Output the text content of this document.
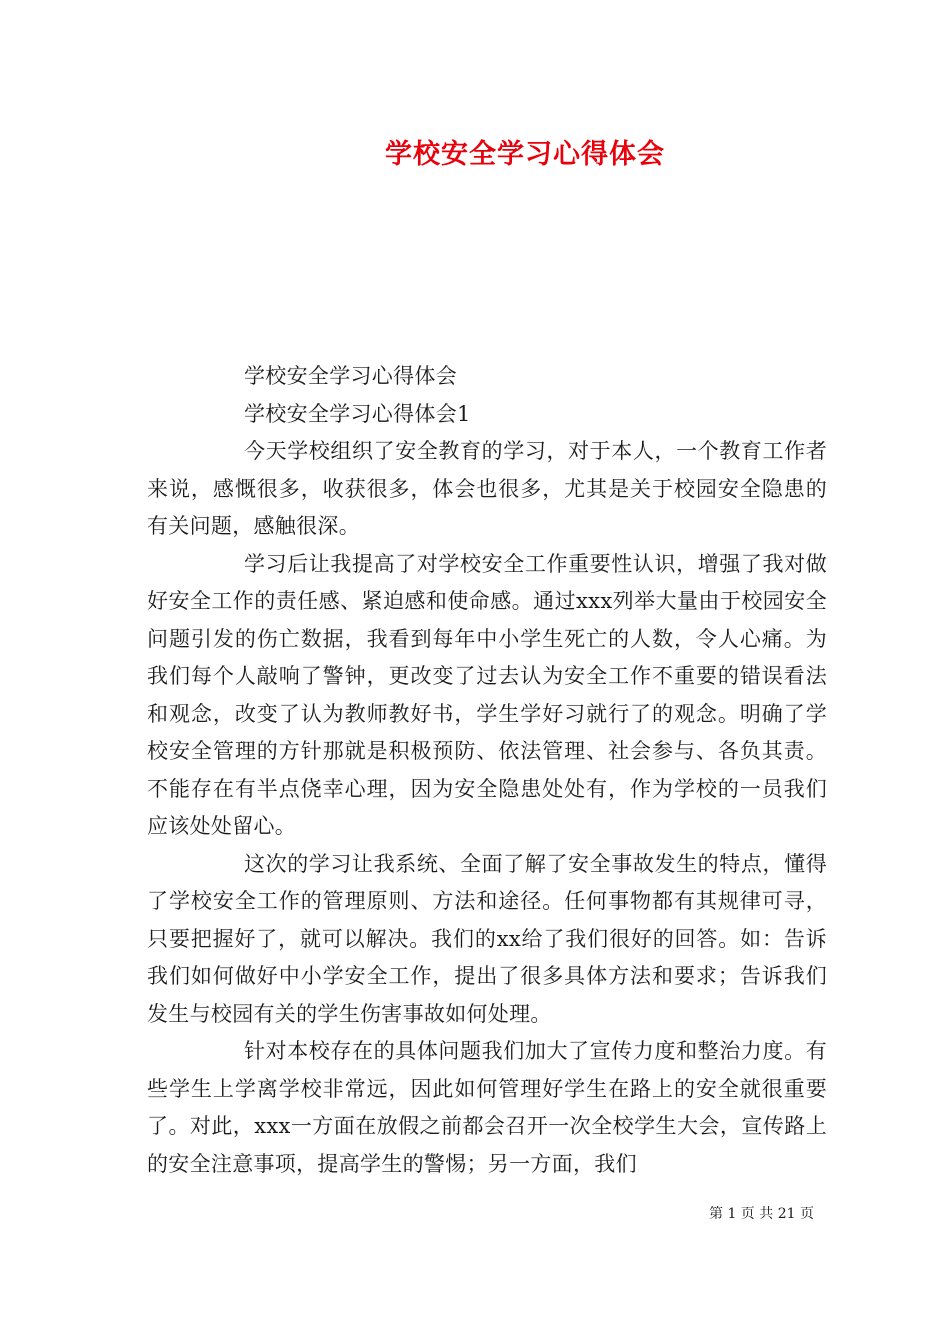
学校安全学习心得体会

学校安全学习心得体会

学校安全学习心得体会1

今天学校组织了安全教育的学习，对于本人，一个教育工作者来说，感慨很多，收获很多，体会也很多，尤其是关于校园安全隐患的有关问题，感触很深。

学习后让我提高了对学校安全工作重要性认识，增强了我对做好安全工作的责任感、紧迫感和使命感。通过xxx列举大量由于校园安全问题引发的伤亡数据，我看到每年中小学生死亡的人数，令人心痛。为我们每个人敲响了警钟，更改变了过去认为安全工作不重要的错误看法和观念，改变了认为教师教好书，学生学好习就行了的观念。明确了学校安全管理的方针那就是积极预防、依法管理、社会参与、各负其责。不能存在有半点侥幸心理，因为安全隐患处处有，作为学校的一员我们应该处处留心。

这次的学习让我系统、全面了解了安全事故发生的特点，懂得了学校安全工作的管理原则、方法和途径。任何事物都有其规律可寻，只要把握好了，就可以解决。我们的xx给了我们很好的回答。如：告诉我们如何做好中小学安全工作，提出了很多具体方法和要求；告诉我们发生与校园有关的学生伤害事故如何处理。

针对本校存在的具体问题我们加大了宣传力度和整治力度。有些学生上学离学校非常远，因此如何管理好学生在路上的安全就很重要了。对此，xxx一方面在放假之前都会召开一次全校学生大会，宣传路上的安全注意事项，提高学生的警惕；另一方面，我们

第 1 页 共 21 页
